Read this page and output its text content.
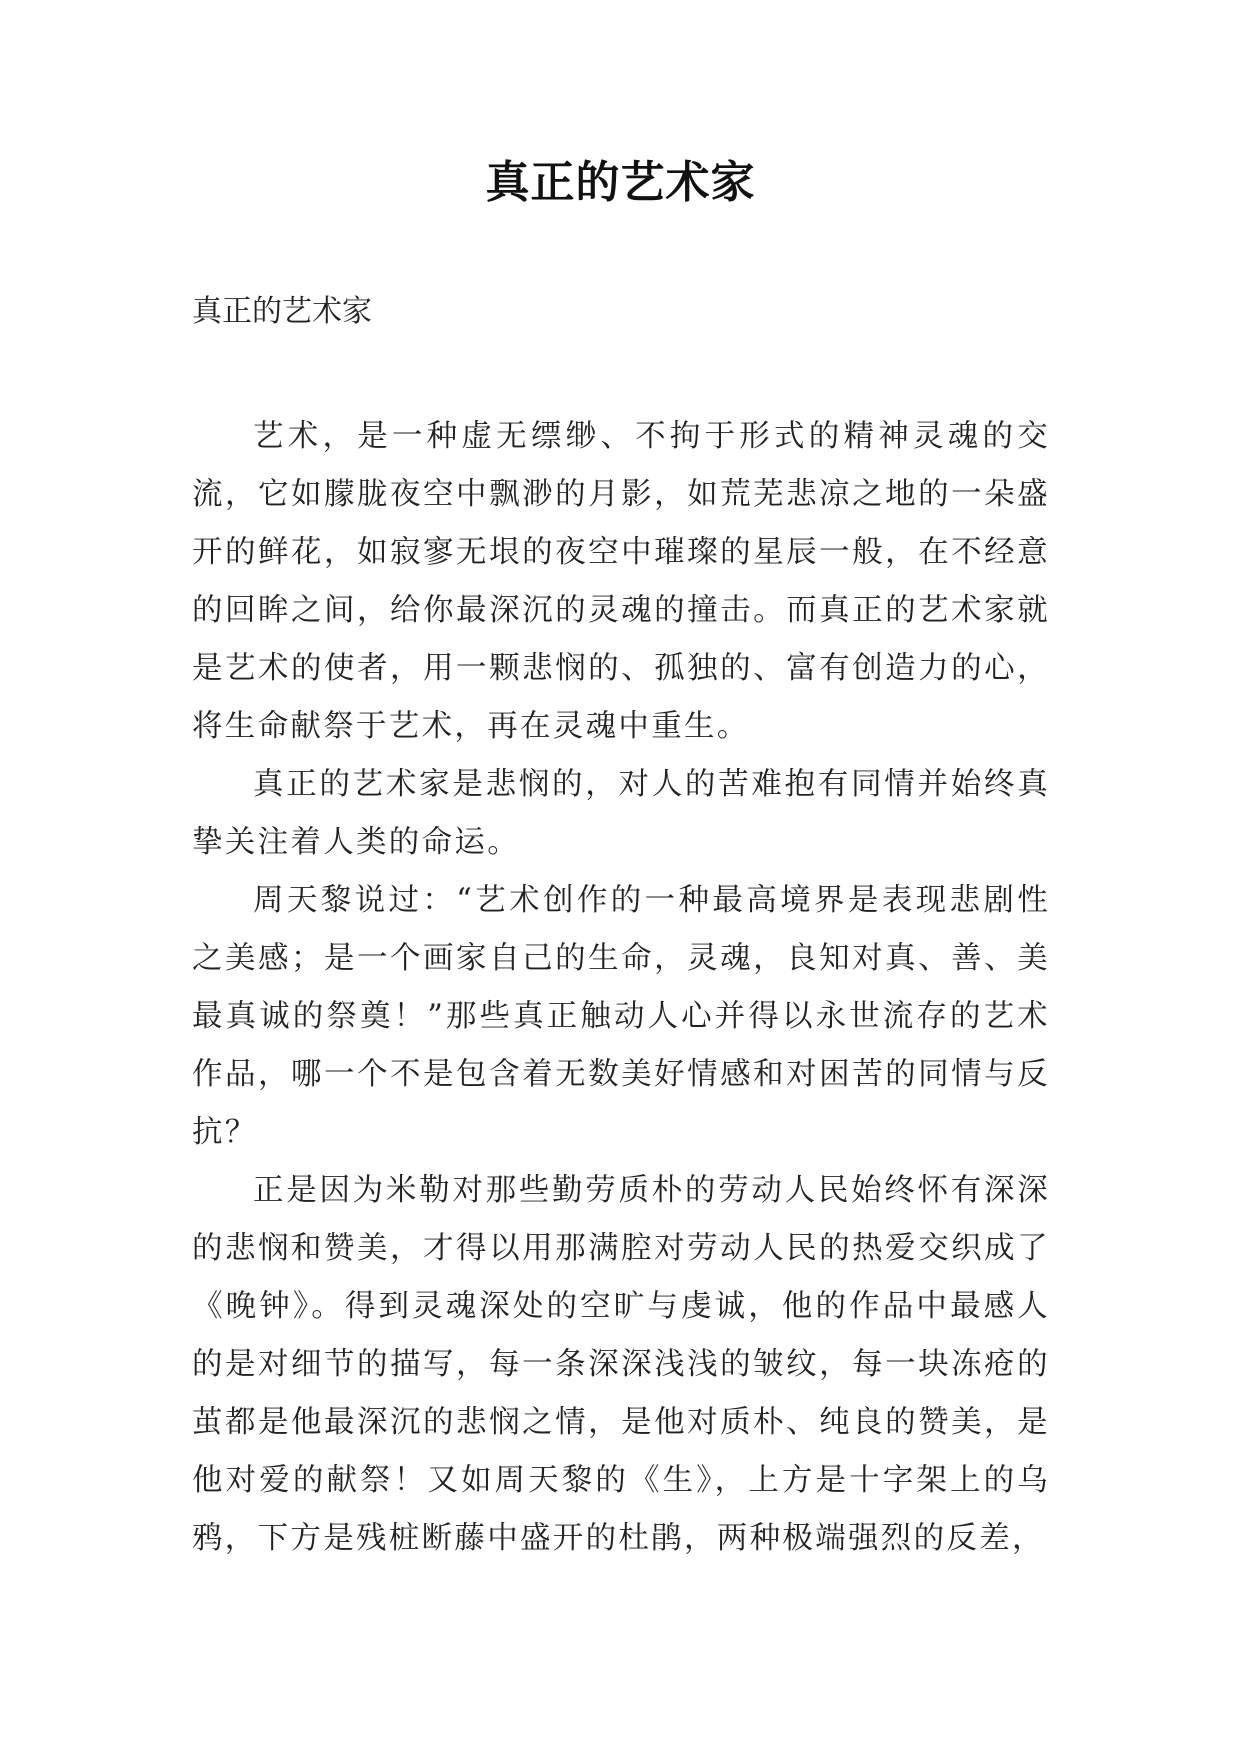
真正的艺术家

真正的艺术家

艺术，是一种虚无缥缈、不拘于形式的精神灵魂的交流，它如朦胧夜空中飘渺的月影，如荒芜悲凉之地的一朵盛开的鲜花，如寂寥无垠的夜空中璀璨的星辰一般，在不经意的回眸之间，给你最深沉的灵魂的撞击。而真正的艺术家就是艺术的使者，用一颗悲悯的、孤独的、富有创造力的心，将生命献祭于艺术，再在灵魂中重生。

真正的艺术家是悲悯的，对人的苦难抱有同情并始终真挚关注着人类的命运。

周天黎说过：“艺术创作的一种最高境界是表现悲剧性之美感；是一个画家自己的生命，灵魂，良知对真、善、美最真诚的祭奠！”那些真正触动人心并得以永世流存的艺术作品，哪一个不是包含着无数美好情感和对困苦的同情与反抗？

正是因为米勒对那些勤劳质朴的劳动人民始终怀有深深的悲悯和赞美，才得以用那满腔对劳动人民的热爱交织成了《晚钟》。得到灵魂深处的空旷与虔诚，他的作品中最感人的是对细节的描写，每一条深深浅浅的皱纹，每一块冻疮的茧都是他最深沉的悲悯之情，是他对质朴、纯良的赞美，是他对爱的献祭！又如周天黎的《生》，上方是十字架上的乌鸦，下方是残桩断藤中盛开的杜鹃，两种极端强烈的反差，
